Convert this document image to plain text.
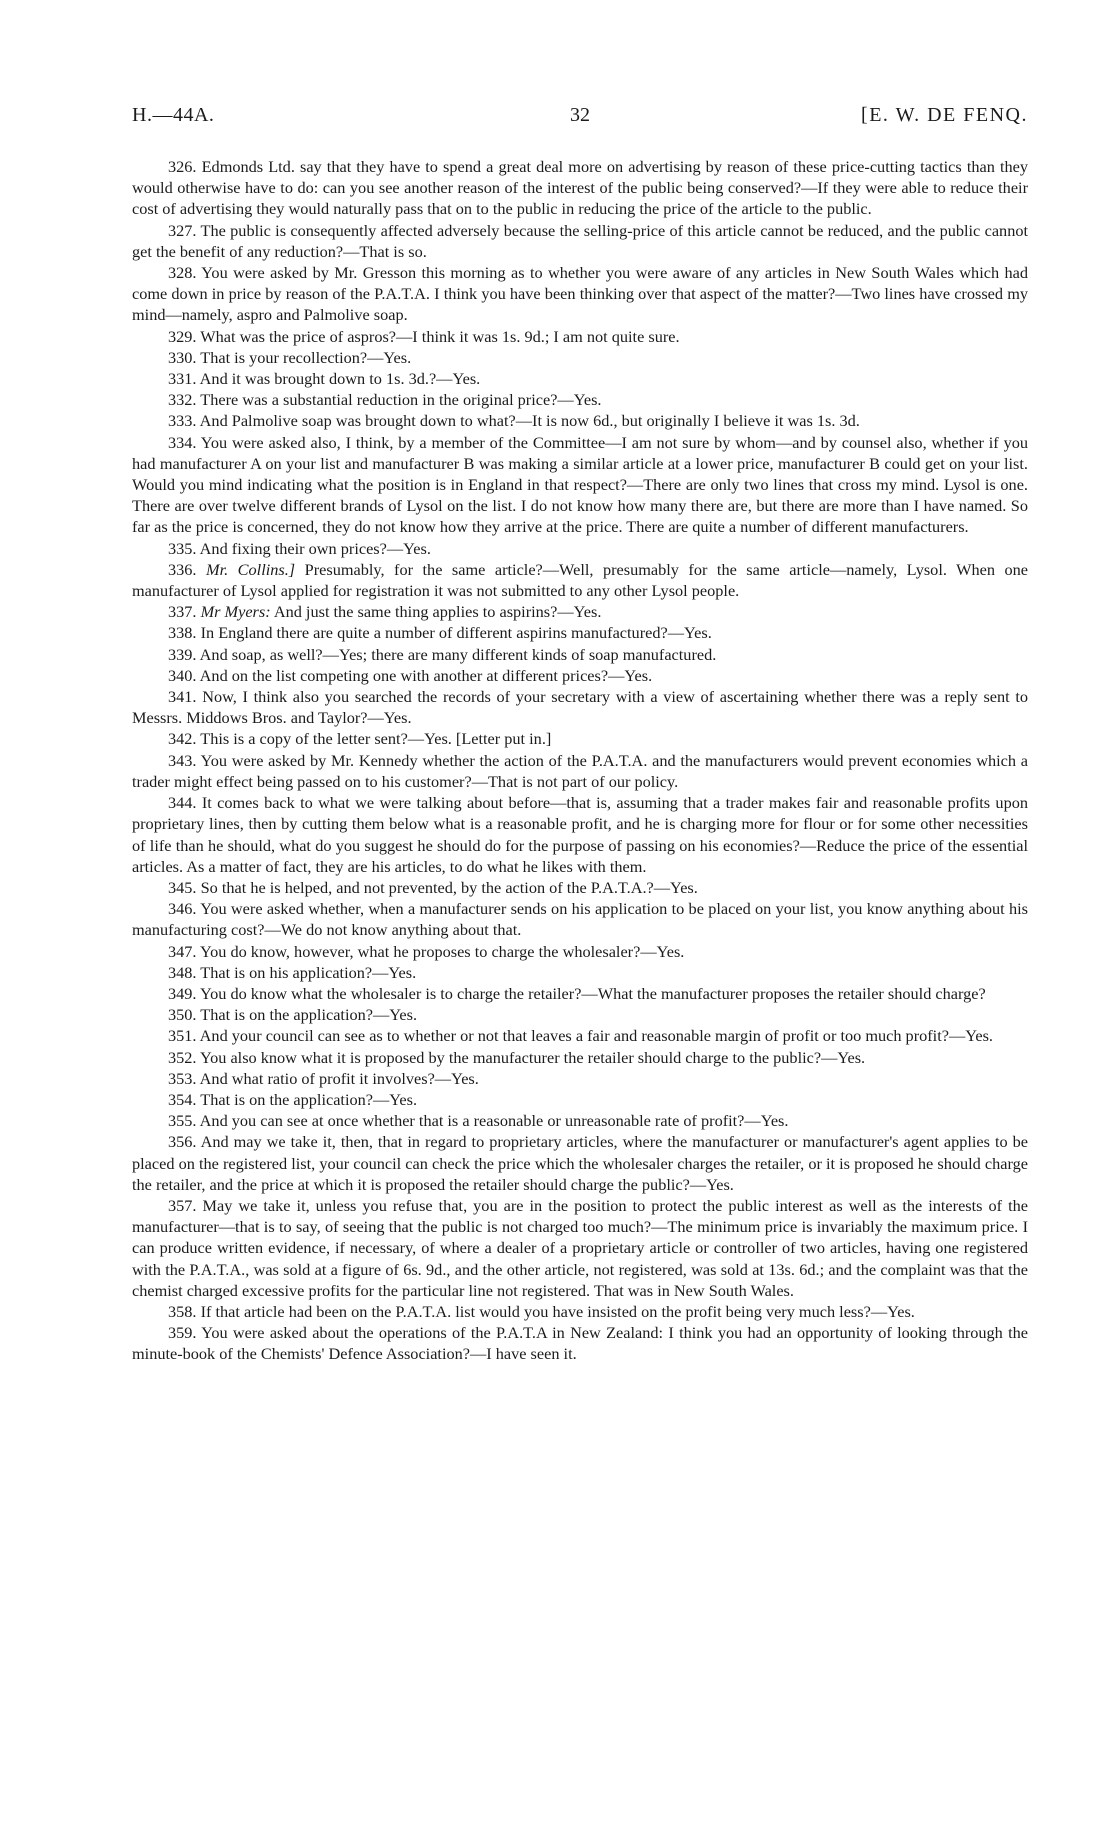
H.—44A.	32	[E. W. DE FENQ.

326. Edmonds Ltd. say that they have to spend a great deal more on advertising by reason of these price-cutting tactics than they would otherwise have to do: can you see another reason of the interest of the public being conserved?—If they were able to reduce their cost of advertising they would naturally pass that on to the public in reducing the price of the article to the public.

327. The public is consequently affected adversely because the selling-price of this article cannot be reduced, and the public cannot get the benefit of any reduction?—That is so.

328. You were asked by Mr. Gresson this morning as to whether you were aware of any articles in New South Wales which had come down in price by reason of the P.A.T.A. I think you have been thinking over that aspect of the matter?—Two lines have crossed my mind—namely, aspro and Palmolive soap.

329. What was the price of aspros?—I think it was 1s. 9d.; I am not quite sure.

330. That is your recollection?—Yes.

331. And it was brought down to 1s. 3d.?—Yes.

332. There was a substantial reduction in the original price?—Yes.

333. And Palmolive soap was brought down to what?—It is now 6d., but originally I believe it was 1s. 3d.

334. You were asked also, I think, by a member of the Committee—I am not sure by whom—and by counsel also, whether if you had manufacturer A on your list and manufacturer B was making a similar article at a lower price, manufacturer B could get on your list. Would you mind indicating what the position is in England in that respect?—There are only two lines that cross my mind. Lysol is one. There are over twelve different brands of Lysol on the list. I do not know how many there are, but there are more than I have named. So far as the price is concerned, they do not know how they arrive at the price. There are quite a number of different manufacturers.

335. And fixing their own prices?—Yes.

336. Mr. Collins.] Presumably, for the same article?—Well, presumably for the same article—namely, Lysol. When one manufacturer of Lysol applied for registration it was not submitted to any other Lysol people.

337. Mr Myers: And just the same thing applies to aspirins?—Yes.

338. In England there are quite a number of different aspirins manufactured?—Yes.

339. And soap, as well?—Yes; there are many different kinds of soap manufactured.

340. And on the list competing one with another at different prices?—Yes.

341. Now, I think also you searched the records of your secretary with a view of ascertaining whether there was a reply sent to Messrs. Middows Bros. and Taylor?—Yes.

342. This is a copy of the letter sent?—Yes. [Letter put in.]

343. You were asked by Mr. Kennedy whether the action of the P.A.T.A. and the manufacturers would prevent economies which a trader might effect being passed on to his customer?—That is not part of our policy.

344. It comes back to what we were talking about before—that is, assuming that a trader makes fair and reasonable profits upon proprietary lines, then by cutting them below what is a reasonable profit, and he is charging more for flour or for some other necessities of life than he should, what do you suggest he should do for the purpose of passing on his economies?—Reduce the price of the essential articles. As a matter of fact, they are his articles, to do what he likes with them.

345. So that he is helped, and not prevented, by the action of the P.A.T.A.?—Yes.

346. You were asked whether, when a manufacturer sends on his application to be placed on your list, you know anything about his manufacturing cost?—We do not know anything about that.

347. You do know, however, what he proposes to charge the wholesaler?—Yes.

348. That is on his application?—Yes.

349. You do know what the wholesaler is to charge the retailer?—What the manufacturer proposes the retailer should charge?

350. That is on the application?—Yes.

351. And your council can see as to whether or not that leaves a fair and reasonable margin of profit or too much profit?—Yes.

352. You also know what it is proposed by the manufacturer the retailer should charge to the public?—Yes.

353. And what ratio of profit it involves?—Yes.

354. That is on the application?—Yes.

355. And you can see at once whether that is a reasonable or unreasonable rate of profit?—Yes.

356. And may we take it, then, that in regard to proprietary articles, where the manufacturer or manufacturer's agent applies to be placed on the registered list, your council can check the price which the wholesaler charges the retailer, or it is proposed he should charge the retailer, and the price at which it is proposed the retailer should charge the public?—Yes.

357. May we take it, unless you refuse that, you are in the position to protect the public interest as well as the interests of the manufacturer—that is to say, of seeing that the public is not charged too much?—The minimum price is invariably the maximum price. I can produce written evidence, if necessary, of where a dealer of a proprietary article or controller of two articles, having one registered with the P.A.T.A., was sold at a figure of 6s. 9d., and the other article, not registered, was sold at 13s. 6d.; and the complaint was that the chemist charged excessive profits for the particular line not registered. That was in New South Wales.

358. If that article had been on the P.A.T.A. list would you have insisted on the profit being very much less?—Yes.

359. You were asked about the operations of the P.A.T.A in New Zealand: I think you had an opportunity of looking through the minute-book of the Chemists' Defence Association?—I have seen it.
